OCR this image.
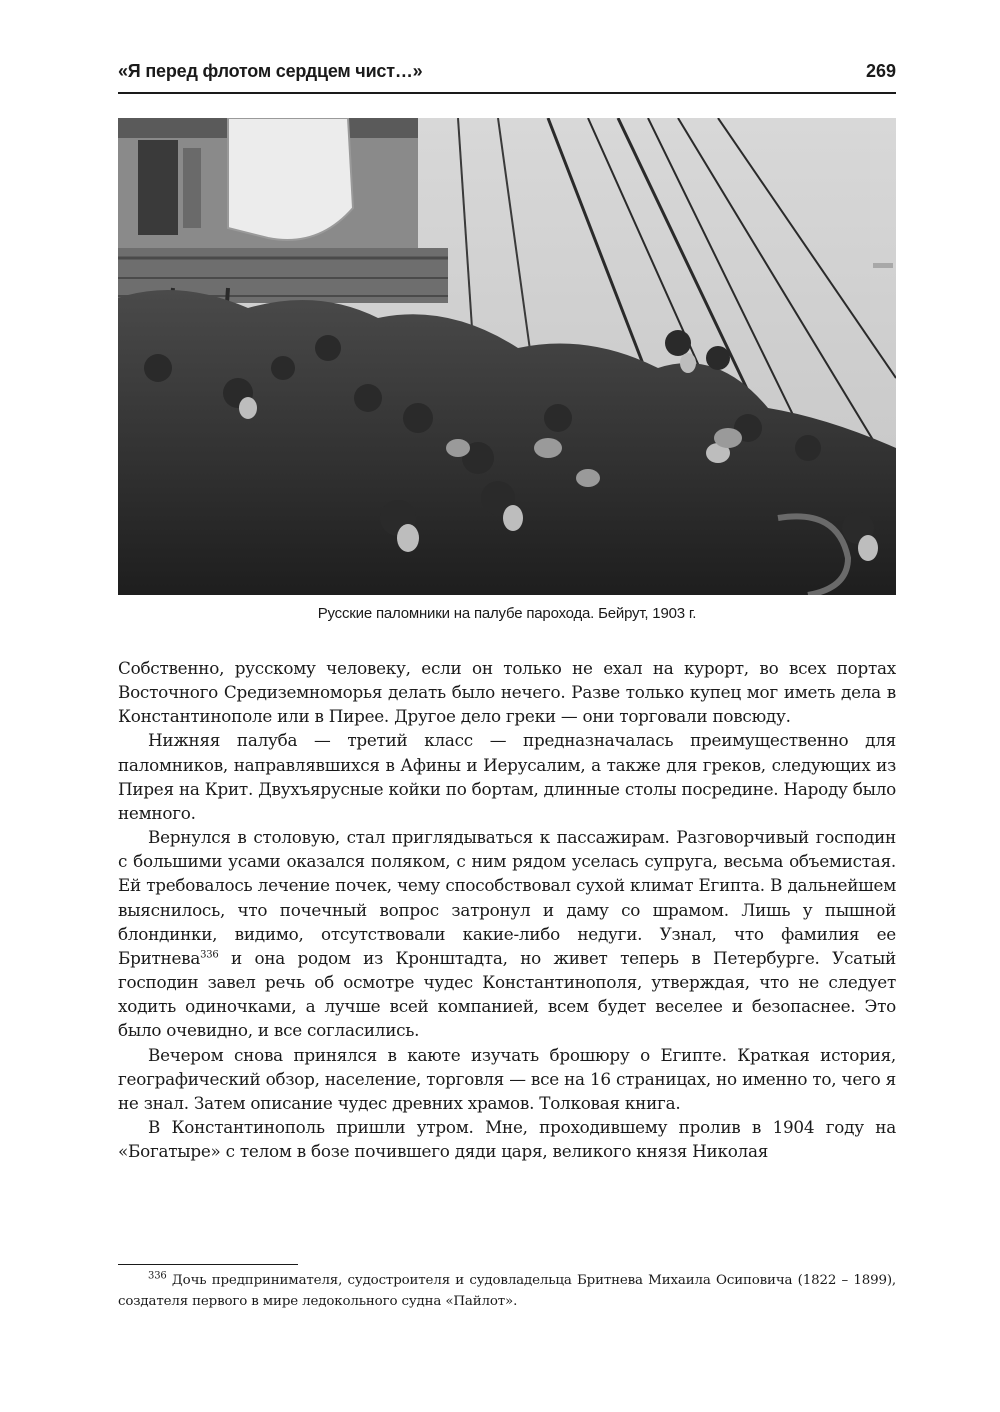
«Я перед флотом сердцем чист…»	269
Русские паломники на палубе парохода. Бейрут, 1903 г.

Собственно, русскому человеку, если он только не ехал на курорт, во всех портах Восточного Средиземноморья делать было нечего. Разве только купец мог иметь дела в Константинополе или в Пирее. Другое дело греки — они торговали повсюду.

Нижняя палуба — третий класс — предназначалась преимущественно для паломников, направлявшихся в Афины и Иерусалим, а также для греков, следующих из Пирея на Крит. Двухъярусные койки по бортам, длинные столы посредине. Народу было немного.

Вернулся в столовую, стал приглядываться к пассажирам. Разговорчивый господин с большими усами оказался поляком, с ним рядом уселась супруга, весьма объемистая. Ей требовалось лечение почек, чему способствовал сухой климат Египта. В дальнейшем выяснилось, что почечный вопрос затронул и даму со шрамом. Лишь у пышной блондинки, видимо, отсутствовали какие-либо недуги. Узнал, что фамилия ее Бритнева$^{336}$ и она родом из Кронштадта, но живет теперь в Петербурге. Усатый господин завел речь об осмотре чудес Константинополя, утверждая, что не следует ходить одиночками, а лучше всей компанией, всем будет веселее и безопаснее. Это было очевидно, и все согласились.

Вечером снова принялся в каюте изучать брошюру о Египте. Краткая история, географический обзор, население, торговля — все на 16 страницах, но именно то, чего я не знал. Затем описание чудес древних храмов. Толковая книга.

В Константинополь пришли утром. Мне, проходившему пролив в 1904 году на «Богатыре» с телом в бозе почившего дяди царя, великого князя Николая

$^{336}$ Дочь предпринимателя, судостроителя и судовладельца Бритнева Михаила Осиповича (1822 – 1899), создателя первого в мире ледокольного судна «Пайлот».
